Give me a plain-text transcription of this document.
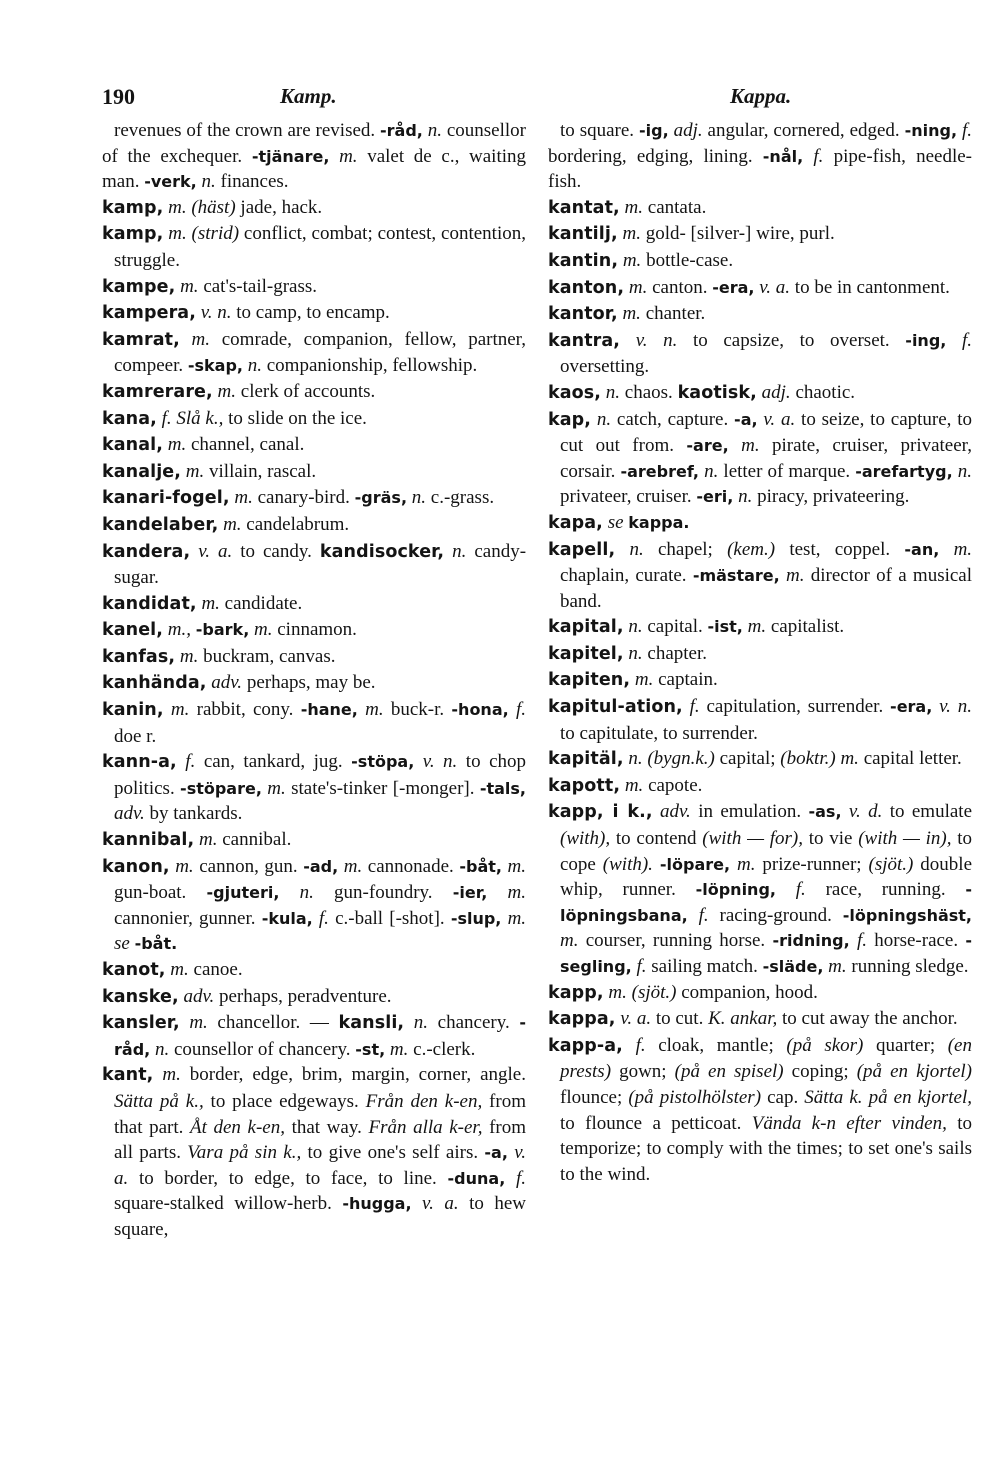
190	Kamp.	Kappa.

revenues of the crown are revised. -råd, n. counsellor of the exchequer. -tjänare, m. valet de c., waiting man. -verk, n. finances.

kamp, m. (häst) jade, hack.

kamp, m. (strid) conflict, combat; contest, contention, struggle.

kampe, m. cat's-tail-grass.

kampera, v. n. to camp, to encamp.

kamrat, m. comrade, companion, fellow, partner, compeer. -skap, n. companionship, fellowship.

kamrerare, m. clerk of accounts.

kana, f. Slå k., to slide on the ice.

kanal, m. channel, canal.

kanalje, m. villain, rascal.

kanari-fogel, m. canary-bird. -gräs, n. c.-grass.

kandelaber, m. candelabrum.

kandera, v. a. to candy. kandisocker, n. candy-sugar.

kandidat, m. candidate.

kanel, m., -bark, m. cinnamon.

kanfas, m. buckram, canvas.

kanhända, adv. perhaps, may be.

kanin, m. rabbit, cony. -hane, m. buck-r. -hona, f. doe r.

kann-a, f. can, tankard, jug. -stöpa, v. n. to chop politics. -stöpare, m. state's-tinker [-monger]. -tals, adv. by tankards.

kannibal, m. cannibal.

kanon, m. cannon, gun. -ad, m. cannonade. -båt, m. gun-boat. -gjuteri, n. gun-foundry. -ier, m. cannonier, gunner. -kula, f. c.-ball [-shot]. -slup, m. se -båt.

kanot, m. canoe.

kanske, adv. perhaps, peradventure.

kansler, m. chancellor. — kansli, n. chancery. -råd, n. counsellor of chancery. -st, m. c.-clerk.

kant, m. border, edge, brim, margin, corner, angle. Sätta på k., to place edgeways. Från den k-en, from that part. Åt den k-en, that way. Från alla k-er, from all parts. Vara på sin k., to give one's self airs. -a, v. a. to border, to edge, to face, to line. -duna, f. square-stalked willow-herb. -hugga, v. a. to hew square,

to square. -ig, adj. angular, cornered, edged. -ning, f. bordering, edging, lining. -nål, f. pipe-fish, needle-fish.

kantat, m. cantata.

kantilj, m. gold- [silver-] wire, purl.

kantin, m. bottle-case.

kanton, m. canton. -era, v. a. to be in cantonment.

kantor, m. chanter.

kantra, v. n. to capsize, to overset. -ing, f. oversetting.

kaos, n. chaos. kaotisk, adj. chaotic.

kap, n. catch, capture. -a, v. a. to seize, to capture, to cut out from. -are, m. pirate, cruiser, privateer, corsair. -arebref, n. letter of marque. -arefartyg, n. privateer, cruiser. -eri, n. piracy, privateering.

kapa, se kappa.

kapell, n. chapel; (kem.) test, coppel. -an, m. chaplain, curate. -mästare, m. director of a musical band.

kapital, n. capital. -ist, m. capitalist.

kapitel, n. chapter.

kapiten, m. captain.

kapitul-ation, f. capitulation, surrender. -era, v. n. to capitulate, to surrender.

kapitäl, n. (bygn.k.) capital; (boktr.) m. capital letter.

kapott, m. capote.

kapp, i k., adv. in emulation. -as, v. d. to emulate (with), to contend (with — for), to vie (with — in), to cope (with). -löpare, m. prize-runner; (sjöt.) double whip, runner. -löpning, f. race, running. -löpningsbana, f. racing-ground. -löpningshäst, m. courser, running horse. -ridning, f. horse-race. -segling, f. sailing match. -släde, m. running sledge.

kapp, m. (sjöt.) companion, hood.

kappa, v. a. to cut. K. ankar, to cut away the anchor.

kapp-a, f. cloak, mantle; (på skor) quarter; (en prests) gown; (på en spisel) coping; (på en kjortel) flounce; (på pistolhölster) cap. Sätta k. på en kjortel, to flounce a petticoat. Vända k-n efter vinden, to temporize; to comply with the times; to set one's sails to the wind.
